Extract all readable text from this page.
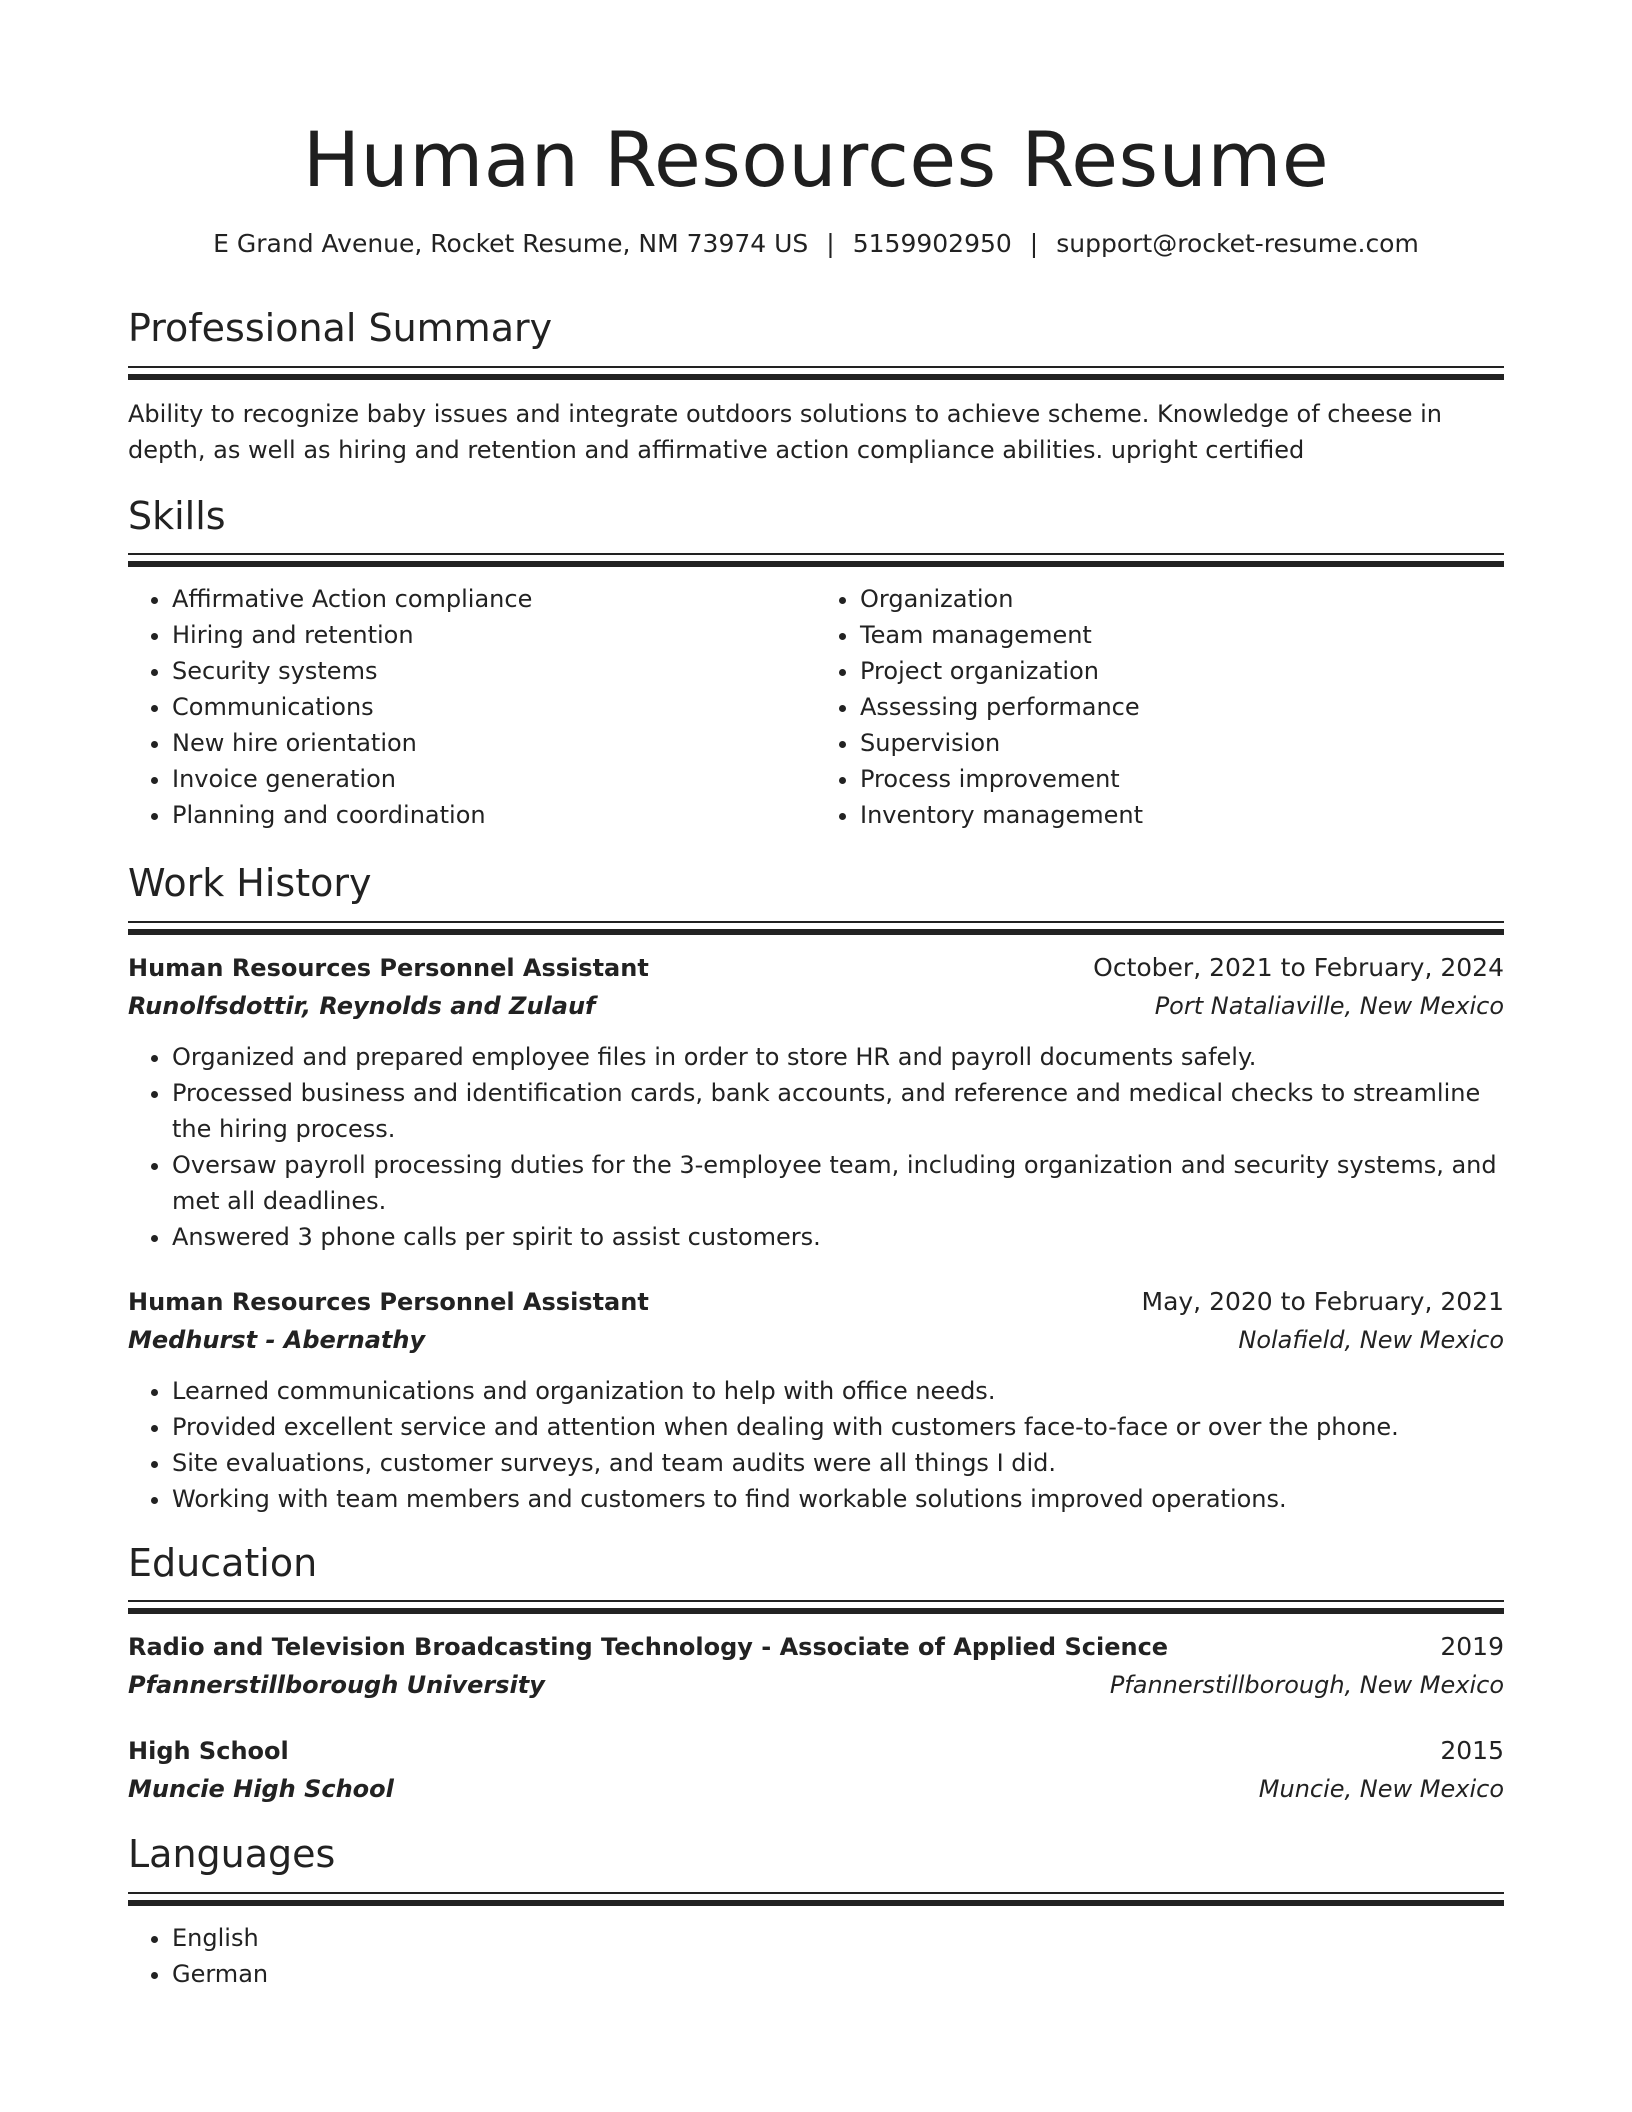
Human Resources Resume
E Grand Avenue, Rocket Resume, NM 73974 US | 5159902950 | support@rocket-resume.com
Professional Summary

Ability to recognize baby issues and integrate outdoors solutions to achieve scheme. Knowledge of cheese in depth, as well as hiring and retention and affirmative action compliance abilities. upright certified

Skills
• Affirmative Action compliance
• Hiring and retention
• Security systems
• Communications
• New hire orientation
• Invoice generation
• Planning and coordination
• Organization
• Team management
• Project organization
• Assessing performance
• Supervision
• Process improvement
• Inventory management
Work History
Human Resources Personnel Assistant	October, 2021 to February, 2024
Runolfsdottir, Reynolds and Zulauf	Port Nataliaville, New Mexico
• Organized and prepared employee files in order to store HR and payroll documents safely.
• Processed business and identification cards, bank accounts, and reference and medical checks to streamline the hiring process.
• Oversaw payroll processing duties for the 3-employee team, including organization and security systems, and met all deadlines.
• Answered 3 phone calls per spirit to assist customers.
Human Resources Personnel Assistant	May, 2020 to February, 2021
Medhurst - Abernathy	Nolafield, New Mexico
• Learned communications and organization to help with office needs.
• Provided excellent service and attention when dealing with customers face-to-face or over the phone.
• Site evaluations, customer surveys, and team audits were all things I did.
• Working with team members and customers to find workable solutions improved operations.
Education
Radio and Television Broadcasting Technology - Associate of Applied Science	2019
Pfannerstillborough University	Pfannerstillborough, New Mexico
High School	2015
Muncie High School	Muncie, New Mexico
Languages
• English
• German
